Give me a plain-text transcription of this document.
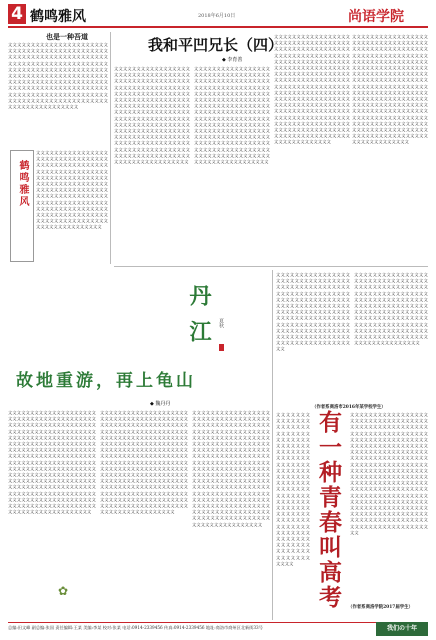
4 鹤鸣雅风	2018年6月10日	尚语学院
也是一种吾道
文文文文文文文文文文文文文文文文文文文文文文文文文文文文文文文文文文文文文文文文文文文文文文文文文文文文文文文文文文文文文文文文文文文文文文文文文文文文文文文文文文文文文文文文文文文文文文文文文文文文文文文文文文文文文文文文文文文文文文文文文文文文文文文文文文文文文文文文文文文文文文文文文文文文文文文文文文文文文文文文文文文文文文文文文文文文文文文文文文文文文文文文文文文文文文文文文文文文文文文文文文文文文文文文文文文文文文文文文文文文文文文文文文文文文文文文文文文文
文文文文文文文文文文文文文文文文文文文文文文文文文文文文文文文文文文文文文文文文文文文文文文文文文文文文文文文文文文文文文文文文文文文文文文文文文文文文文文文文文文文文文文文文文文文文文文文文文文文文文文文文文文文文文文文文文文文文文文文文文文文文文文文文文文文文文文文文文文文文文文文文文文文文文文文文文文文文文文文文文文文文文文文文文文文文文文文文文文文文文文文文文文文文文文文文文文文文文文文文文文文文文文文
鹤鸣雅风
我和平凹兄长（四）
◆ 李育善
文文文文文文文文文文文文文文文文文文文文文文文文文文文文文文文文文文文文文文文文文文文文文文文文文文文文文文文文文文文文文文文文文文文文文文文文文文文文文文文文文文文文文文文文文文文文文文文文文文文文文文文文文文文文文文文文文文文文文文文文文文文文文文文文文文文文文文文文文文文文文文文文文文文文文文文文文文文文文文文文文文文文文文文文文文文文文文文文文文文文文文文文文文文文文文文文文文文文文文文文文文文文文文文文文文文文文文文文文文文文文文文文文文文文文文文文文文文文文文文文文文文文文文文文文文文文文文文文文文文文文文文文文文文文文文文文
文文文文文文文文文文文文文文文文文文文文文文文文文文文文文文文文文文文文文文文文文文文文文文文文文文文文文文文文文文文文文文文文文文文文文文文文文文文文文文文文文文文文文文文文文文文文文文文文文文文文文文文文文文文文文文文文文文文文文文文文文文文文文文文文文文文文文文文文文文文文文文文文文文文文文文文文文文文文文文文文文文文文文文文文文文文文文文文文文文文文文文文文文文文文文文文文文文文文文文文文文文文文文文文文文文文文文文文文文文文文文文文文文文文文文文文文文文文文文文文文文文文文文文文文文文文文文文文文文文文文文文文文文文文文文文文文
文文文文文文文文文文文文文文文文文文文文文文文文文文文文文文文文文文文文文文文文文文文文文文文文文文文文文文文文文文文文文文文文文文文文文文文文文文文文文文文文文文文文文文文文文文文文文文文文文文文文文文文文文文文文文文文文文文文文文文文文文文文文文文文文文文文文文文文文文文文文文文文文文文文文文文文文文文文文文文文文文文文文文文文文文文文文文文文文文文文文文文文文文文文文文文文文文文文文文文文文文文文文文文文文文文文文文文文文文文文文文文文文文文文文文文文文文文文文文文文文文文文文文文文文文文文文文文文文文文文文文文文文文文文文文文文文文文文文文文文文文文文文文文文文文文文文文文文文文文文文文文
文文文文文文文文文文文文文文文文文文文文文文文文文文文文文文文文文文文文文文文文文文文文文文文文文文文文文文文文文文文文文文文文文文文文文文文文文文文文文文文文文文文文文文文文文文文文文文文文文文文文文文文文文文文文文文文文文文文文文文文文文文文文文文文文文文文文文文文文文文文文文文文文文文文文文文文文文文文文文文文文文文文文文文文文文文文文文文文文文文文文文文文文文文文文文文文文文文文文文文文文文文文文文文文文文文文文文文文文文文文文文文文文文文文文文文文文文文文文文文文文文文文文文文文文文文文文文文文文文文文文文文文文文文文文文文文文文文文文文文文文文文文文文文文文文文文文文文文文文文文文文文
丹江	夏秋
故地重游，再上龟山
◆ 魏丹丹
文文文文文文文文文文文文文文文文文文文文文文文文文文文文文文文文文文文文文文文文文文文文文文文文文文文文文文文文文文文文文文文文文文文文文文文文文文文文文文文文文文文文文文文文文文文文文文文文文文文文文文文文文文文文文文文文文文文文文文文文文文文文文文文文文文文文文文文文文文文文文文文文文文文文文文文文文文文文文文文文文文文文文文文文文文文文文文文文文文文文文文文文文文文文文文文文文文文文文文文文文文文文文文文文文文文文文文文文文文文文文文文文文文文文文文文文文文文文文文文文文文文文文文文文文文文文文文文文文文文文文文文文文文文文文文文文文文文文文文文文文文文文文文文文文文文文文文文文文文文文文文文文文文文文文文文文文文文文文文文文文文文文文文文文文文文文文文文文文文文
文文文文文文文文文文文文文文文文文文文文文文文文文文文文文文文文文文文文文文文文文文文文文文文文文文文文文文文文文文文文文文文文文文文文文文文文文文文文文文文文文文文文文文文文文文文文文文文文文文文文文文文文文文文文文文文文文文文文文文文文文文文文文文文文文文文文文文文文文文文文文文文文文文文文文文文文文文文文文文文文文文文文文文文文文文文文文文文文文文文文文文文文文文文文文文文文文文文文文文文文文文文文文文文文文文文文文文文文文文文文文文文文文文文文文文文文文文文文文文文文文文文文文文文文文文文文文文文文文文文文文文文文文文文文文文文文文文文文文文文文文文文文文文文文文文文文文文文文文文文文文文文文文文文文文文文文文文文文文文文文文文文文文文文文文文文文文文文文文
文文文文文文文文文文文文文文文文文文文文文文文文文文文文文文文文文文文文文文文文文文文文文文文文文文文文文文文文文文文文文文文文文文文文文文文文文文文文文文文文文文文文文文文文文文文文文文文文文文文文文文文文文文文文文文文文文文文文文文文文文文文文文文文文文文文文文文文文文文文文文文文文文文文文文文文文文文文文文文文文文文文文文文文文文文文文文文文文文文文文文文文文文文文文文文文文文文文文文文文文文文文文文文文文文文文文文文文文文文文文文文文文文文文文文文文文文文文文文文文文文文文文文文文文文文文文文文文文文文文文文文文文文文文文文文文文文文文文文文文文文文文文文文文文文文文文文文文文文文文文文文文文文文文文文文文文文文文文文文文文文文
✿
文文文文文文文文文文文文文文文文文文文文文文文文文文文文文文文文文文文文文文文文文文文文文文文文文文文文文文文文文文文文文文文文文文文文文文文文文文文文文文文文文文文文文文文文文文文文文文文文文文文文文文文文文文文文文文文文文文文文文文文文文文文文文文文文文文文文文文文文文文文文文文文文文文文文文文文文文文文文文文文文文文文文文文文文文文文文文文文文文文文文文文文文文文文文文文文文文文
文文文文文文文文文文文文文文文文文文文文文文文文文文文文文文文文文文文文文文文文文文文文文文文文文文文文文文文文文文文文文文文文文文文文文文文文文文文文文文文文文文文文文文文文文文文文文文文文文文文文文文文文文文文文文文文文文文文文文文文文文文文文文文文文文文文文文文文文文文文文文文文文文文文文文文文文文文文文文文文文文文文文文文文文文文文文文文文文文文文文文文文文文文文文文文文
（作者系商洛市2016年某学校学生）
有一种青春叫高考
文文文文文文文文文文文文文文文文文文文文文文文文文文文文文文文文文文文文文文文文文文文文文文文文文文文文文文文文文文文文文文文文文文文文文文文文文文文文文文文文文文文文文文文文文文文文文文文文文文文文文文文文文文文文文文文文文文文文文文文文文文文文文文文文文文文文文文文文文文文文文文文文文文文文文文文文文文文文文文文文文文文文文文文文文文文文
文文文文文文文文文文文文文文文文文文文文文文文文文文文文文文文文文文文文文文文文文文文文文文文文文文文文文文文文文文文文文文文文文文文文文文文文文文文文文文文文文文文文文文文文文文文文文文文文文文文文文文文文文文文文文文文文文文文文文文文文文文文文文文文文文文文文文文文文文文文文文文文文文文文文文文文文文文文文文文文文文文文文文文文文文文文文文文文文文文文文文文文文文文文文文文文文文文文文文文文文文文文文文文文文文文文文文文文文文文文文文文文文文文文文文文文文文文文文文文文文文文文文文文文文文文文文文文文文文文文文文文文文文文文文文文文文文文文文文文文文文文文文文文文文文文文文文文文文文文文文文文文文文文文文文文文文文文文文文文文文文文文文文
（作者系商洛学院2017届学生）
总编:田文峰 副总编:张国 责任编辑:王某 美编:李某 校对:张某 电话:0914-2339456 传真:0914-2339456 地址:商洛市商州区北新街33号	我们の十年
